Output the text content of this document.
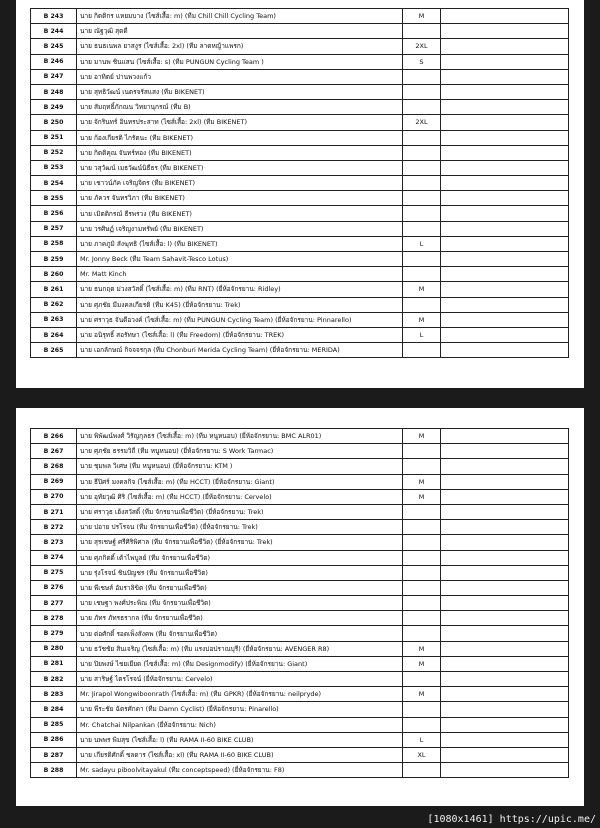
B 243	นาย กิตติกร แหยมบาง (ไซส์เสื้อ: m) (ทีม Chill Chill Cycling Team)	M	
B 244	นาย ณัฐวุฒิ สุดดี		
B 245	นาย ธนธเนพล ยาสงูร (ไซส์เสื้อ: 2xl) (ทีม ลาดหญ้าแพรก)	2XL	
B 246	นาย มานพ ชินแสน (ไซส์เสื้อ: s) (ทีม PUNGUN Cycling Team )	S	
B 247	นาย อาทิตย์ ปานพวงแก้ว		
B 248	นาย สุทธิวัฒน์ เนตรจรัสแสง (ทีม BIKENET)		
B 249	นาย สัมฤทธิ์ภักณน วิทยานุกรณ์ (ทีม B)		
B 250	นาย จักรินทร์ อินทรประสาท (ไซส์เสื้อ: 2xl) (ทีม BIKENET)	2XL	
B 251	นาย ก้องเกียรติ ไกรัตนะ (ทีม BIKENET)		
B 252	นาย กิตติคุณ จันทร์ทอง (ทีม BIKENET)		
B 253	นาย วสุวัฒน์ เมธวัฒน์นิธีธร (ทีม BIKENET)		
B 254	นาย เชาวน์ภัค เจริญจิตร (ทีม BIKENET)		
B 255	นาย ภัควร จันทรวิภา (ทีม BIKENET)		
B 256	นาย เมิตติกรณ์ ธีรพรวง (ทีม BIKENET)		
B 257	นาย วรศิษฏ์ เจริญงามทรัพย์ (ทีม BIKENET)		
B 258	นาย ภาคภูมิ สังฆุทธิ (ไซส์เสื้อ: l) (ทีม BIKENET)	L	
B 259	Mr. Jonny Beck (ทีม Team Sahavit-Tesco Lotus)		
B 260	Mr. Matt Kinch		
B 261	นาย ธนกฤต ม่วงสวัสดิ์ (ไซส์เสื้อ: m) (ทีม RNT) (ยี่ห้อจักรยาน: Ridley)	M	
B 262	นาย ศุภชัย มีมงคลเกียรติ (ทีม K45) (ยี่ห้อจักรยาน: Trek)		
B 263	นาย ศราวุธ จันดีอวงค์ (ไซส์เสื้อ: m) (ทีม PUNGUN Cycling Team) (ยี่ห้อจักรยาน: Pinnarello)	M	
B 264	นาย อนิรุทธิ์ สอรัทษา (ไซส์เสื้อ: l) (ทีม Freedom) (ยี่ห้อจักรยาน: TREK)	L	
B 265	นาย เอกลักษณ์ กิจจจรกุล (ทีม Chonburi Merida Cycling Team) (ยี่ห้อจักรยาน: MERIDA)		
B 266	นาย พิพัฒน์พงศ์ วิรัญกุลธร (ไซส์เสื้อ: m) (ทีม หนูหนอบ) (ยี่ห้อจักรยาน: BMC ALR01)	M	
B 267	นาย ศุภชัย ธรรมวิถี (ทีม หนูหนอบ) (ยี่ห้อจักรยาน: S Work Tarmac)		
B 268	นาย ชุมพล วิเศษ (ทีม หนูหนอบ) (ยี่ห้อจักรยาน: KTM )		
B 269	นาย ธีปิศร์ มงคลกิจ (ไซส์เสื้อ: m) (ทีม HCCT) (ยี่ห้อจักรยาน: Giant)	M	
B 270	นาย อุทัยวุฒิ ศิริ (ไซส์เสื้อ: m) (ทีม HCCT) (ยี่ห้อจักรยาน: Cervelo)	M	
B 271	นาย ศราวุธ เฮ้งสวัสดิ์ (ทีม จักรยานเพื่อชีวิต) (ยี่ห้อจักรยาน: Trek)		
B 272	นาย ปอาย ปรโรจน (ทีม จักรยานเพื่อชีวิต) (ยี่ห้อจักรยาน: Trek)		
B 273	นาย สุรเชษฐ์ ศรีศิริพิศาล (ทีม จักรยานเพื่อชีวิต) (ยี่ห้อจักรยาน: Trek)		
B 274	นาย ศุภกิตติ์ เต้าไพบูลย์ (ทีม จักรยานเพื่อชีวิต)		
B 275	นาย รุ่งโรจน์ ชินปัญชร (ทีม จักรยานเพื่อชีวิต)		
B 276	นาย พีเชษส์ อัมราลิขิต (ทีม จักรยานเพื่อชีวิต)		
B 277	นาย เชษฐา พงศ์ประพิณ (ทีม จักรยานเพื่อชีวิต)		
B 278	นาย ภัทร ภัทรธรากล (ทีม จักรยานเพื่อชีวิต)		
B 279	นาย ต่อศักดิ์ รอดเพ็งสังคพ (ทีม จักรยานเพื่อชีวิต)		
B 280	นาย ธวัชชัย สินเจริญ (ไซส์เสื้อ: m) (ทีม แรงบ่อปราณบุรี) (ยี่ห้อจักรยาน: AVENGER R8)	M	
B 281	นาย ปิยพงษ์ ไชยเยียด (ไซส์เสื้อ: m) (ทีม Designmodify) (ยี่ห้อจักรยาน: Giant)	M	
B 282	นาย สาริษฐ์ ไตรโรจน์ (ยี่ห้อจักรยาน: Cervelo)		
B 283	Mr. Jirapol Wongwiboonrath (ไซส์เสื้อ: m) (ทีม GPKR) (ยี่ห้อจักรยาน: neilpryde)	M	
B 284	นาย พีระชัย ฉัตรศักดา (ทีม Damn Cyclist) (ยี่ห้อจักรยาน: Pinarello)		
B 285	Mr. Chatchai Nilpankan (ยี่ห้อจักรยาน: Nich)		
B 286	นาย นพพร พิมสุข (ไซส์เสื้อ: l) (ทีม RAMA II-60 BIKE CLUB)	L	
B 287	นาย เกียรติศักดิ์ ชลดาร (ไซส์เสื้อ: xl) (ทีม RAMA II-60 BIKE CLUB)	XL	
B 288	Mr. sadayu piboolvitayakul (ทีม conceptspeed) (ยี่ห้อจักรยาน: F8)		
[1080x1461] https://upic.me/
